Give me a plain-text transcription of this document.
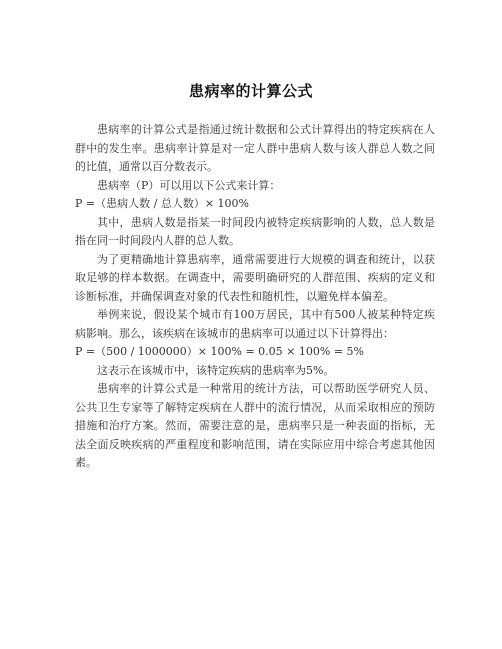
患病率的计算公式

患病率的计算公式是指通过统计数据和公式计算得出的特定疾病在人群中的发生率。患病率计算是对一定人群中患病人数与该人群总人数之间的比值，通常以百分数表示。

患病率（P）可以用以下公式来计算：

P =（患病人数 / 总人数）× 100%

其中，患病人数是指某一时间段内被特定疾病影响的人数，总人数是指在同一时间段内人群的总人数。

为了更精确地计算患病率，通常需要进行大规模的调查和统计，以获取足够的样本数据。在调查中，需要明确研究的人群范围、疾病的定义和诊断标准，并确保调查对象的代表性和随机性，以避免样本偏差。

举例来说，假设某个城市有100万居民，其中有500人被某种特定疾病影响。那么，该疾病在该城市的患病率可以通过以下计算得出：

P =（500 / 1000000）× 100% = 0.05 × 100% = 5%

这表示在该城市中，该特定疾病的患病率为5%。

患病率的计算公式是一种常用的统计方法，可以帮助医学研究人员、公共卫生专家等了解特定疾病在人群中的流行情况，从而采取相应的预防措施和治疗方案。然而，需要注意的是，患病率只是一种表面的指标，无法全面反映疾病的严重程度和影响范围，请在实际应用中综合考虑其他因素。
